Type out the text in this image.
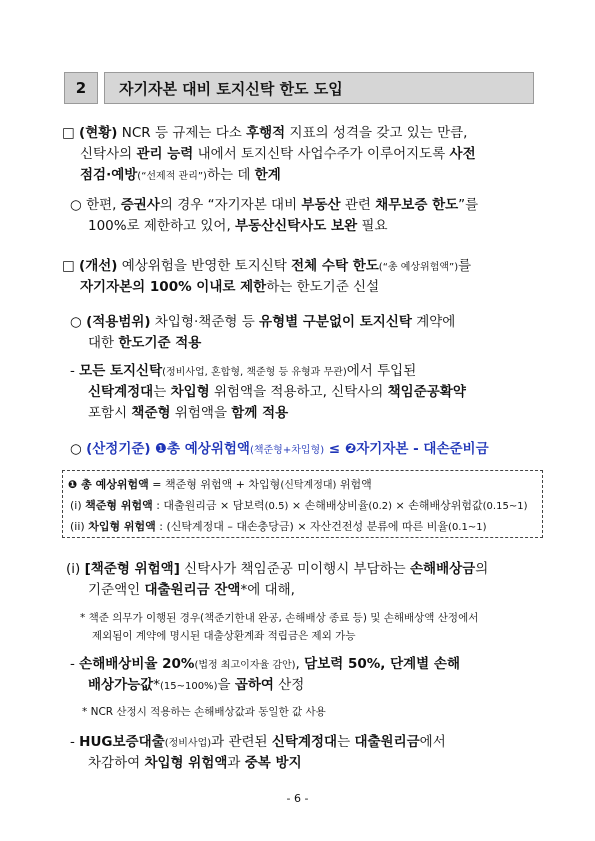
2	자기자본 대비 토지신탁 한도 도입
□ (현황) NCR 등 규제는 다소 후행적 지표의 성격을 갖고 있는 만큼,
신탁사의 관리 능력 내에서 토지신탁 사업수주가 이루어지도록 사전
점검·예방(“선제적 관리”)하는 데 한계
○ 한편, 증권사의 경우 “자기자본 대비 부동산 관련 채무보증 한도”를
100%로 제한하고 있어, 부동산신탁사도 보완 필요
□ (개선) 예상위험을 반영한 토지신탁 전체 수탁 한도(“총 예상위험액”)를
자기자본의 100% 이내로 제한하는 한도기준 신설
○ (적용범위) 차입형·책준형 등 유형별 구분없이 토지신탁 계약에
대한 한도기준 적용
- 모든 토지신탁(정비사업, 혼합형, 책준형 등 유형과 무관)에서 투입된
신탁계정대는 차입형 위험액을 적용하고, 신탁사의 책임준공확약
포함시 책준형 위험액을 함께 적용
○ (산정기준) ❶총 예상위험액(책준형+차입형) ≤ ❷자기자본 - 대손준비금
❶ 총 예상위험액 = 책준형 위험액 + 차입형(신탁계정대) 위험액
(i) 책준형 위험액 : 대출원리금 × 담보력(0.5) × 손해배상비율(0.2) × 손해배상위험값(0.15~1)
(ii) 차입형 위험액 : (신탁계정대 – 대손충당금) × 자산건전성 분류에 따른 비율(0.1~1)
(i) [책준형 위험액] 신탁사가 책임준공 미이행시 부담하는 손해배상금의
기준액인 대출원리금 잔액*에 대해,
* 책준 의무가 이행된 경우(책준기한내 완공, 손해배상 종료 등) 및 손해배상액 산정에서
제외됨이 계약에 명시된 대출상환계좌 적립금은 제외 가능
- 손해배상비율 20%(법정 최고이자율 감안), 담보력 50%, 단계별 손해
배상가능값*(15~100%)을 곱하여 산정
* NCR 산정시 적용하는 손해배상값과 동일한 값 사용
- HUG보증대출(정비사업)과 관련된 신탁계정대는 대출원리금에서
차감하여 차입형 위험액과 중복 방지
- 6 -
